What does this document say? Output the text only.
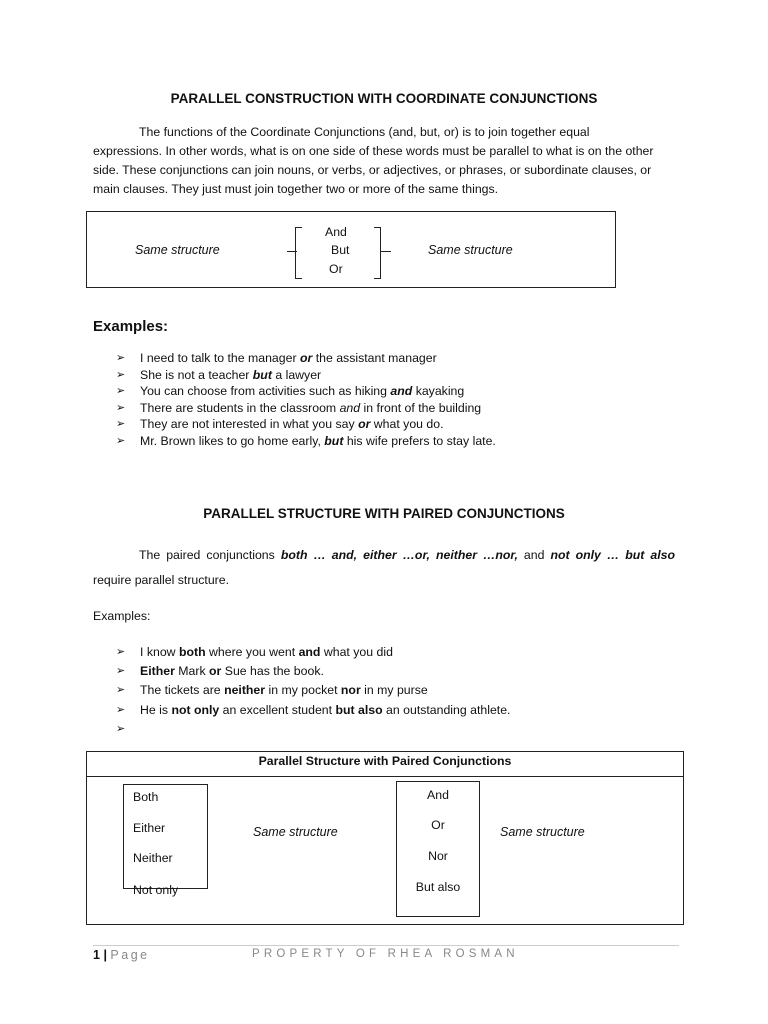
PARALLEL CONSTRUCTION WITH COORDINATE CONJUNCTIONS
The functions of the Coordinate Conjunctions (and, but, or) is to join together equal expressions. In other words, what is on one side of these words must be parallel to what is on the other side. These conjunctions can join nouns, or verbs, or adjectives, or phrases, or subordinate clauses, or main clauses. They just must join together two or more of the same things.
Same structure
And
But
Or
Same structure
Examples:
➢ I need to talk to the manager or the assistant manager
➢ She is not a teacher but a lawyer
➢ You can choose from activities such as hiking and kayaking
➢ There are students in the classroom and in front of the building
➢ They are not interested in what you say or what you do.
➢ Mr. Brown likes to go home early, but his wife prefers to stay late.
PARALLEL STRUCTURE WITH PAIRED CONJUNCTIONS
The paired conjunctions both … and, either …or, neither …nor, and not only … but also
require parallel structure.
Examples:
➢ I know both where you went and what you did
➢ Either Mark or Sue has the book.
➢ The tickets are neither in my pocket nor in my purse
➢ He is not only an excellent student but also an outstanding athlete.
➢

Parallel Structure with Paired Conjunctions
Both
Either
Neither
Not only
Same structure
And
Or
Nor
But also
Same structure
1 | Page	PROPERTY OF RHEA ROSMAN
